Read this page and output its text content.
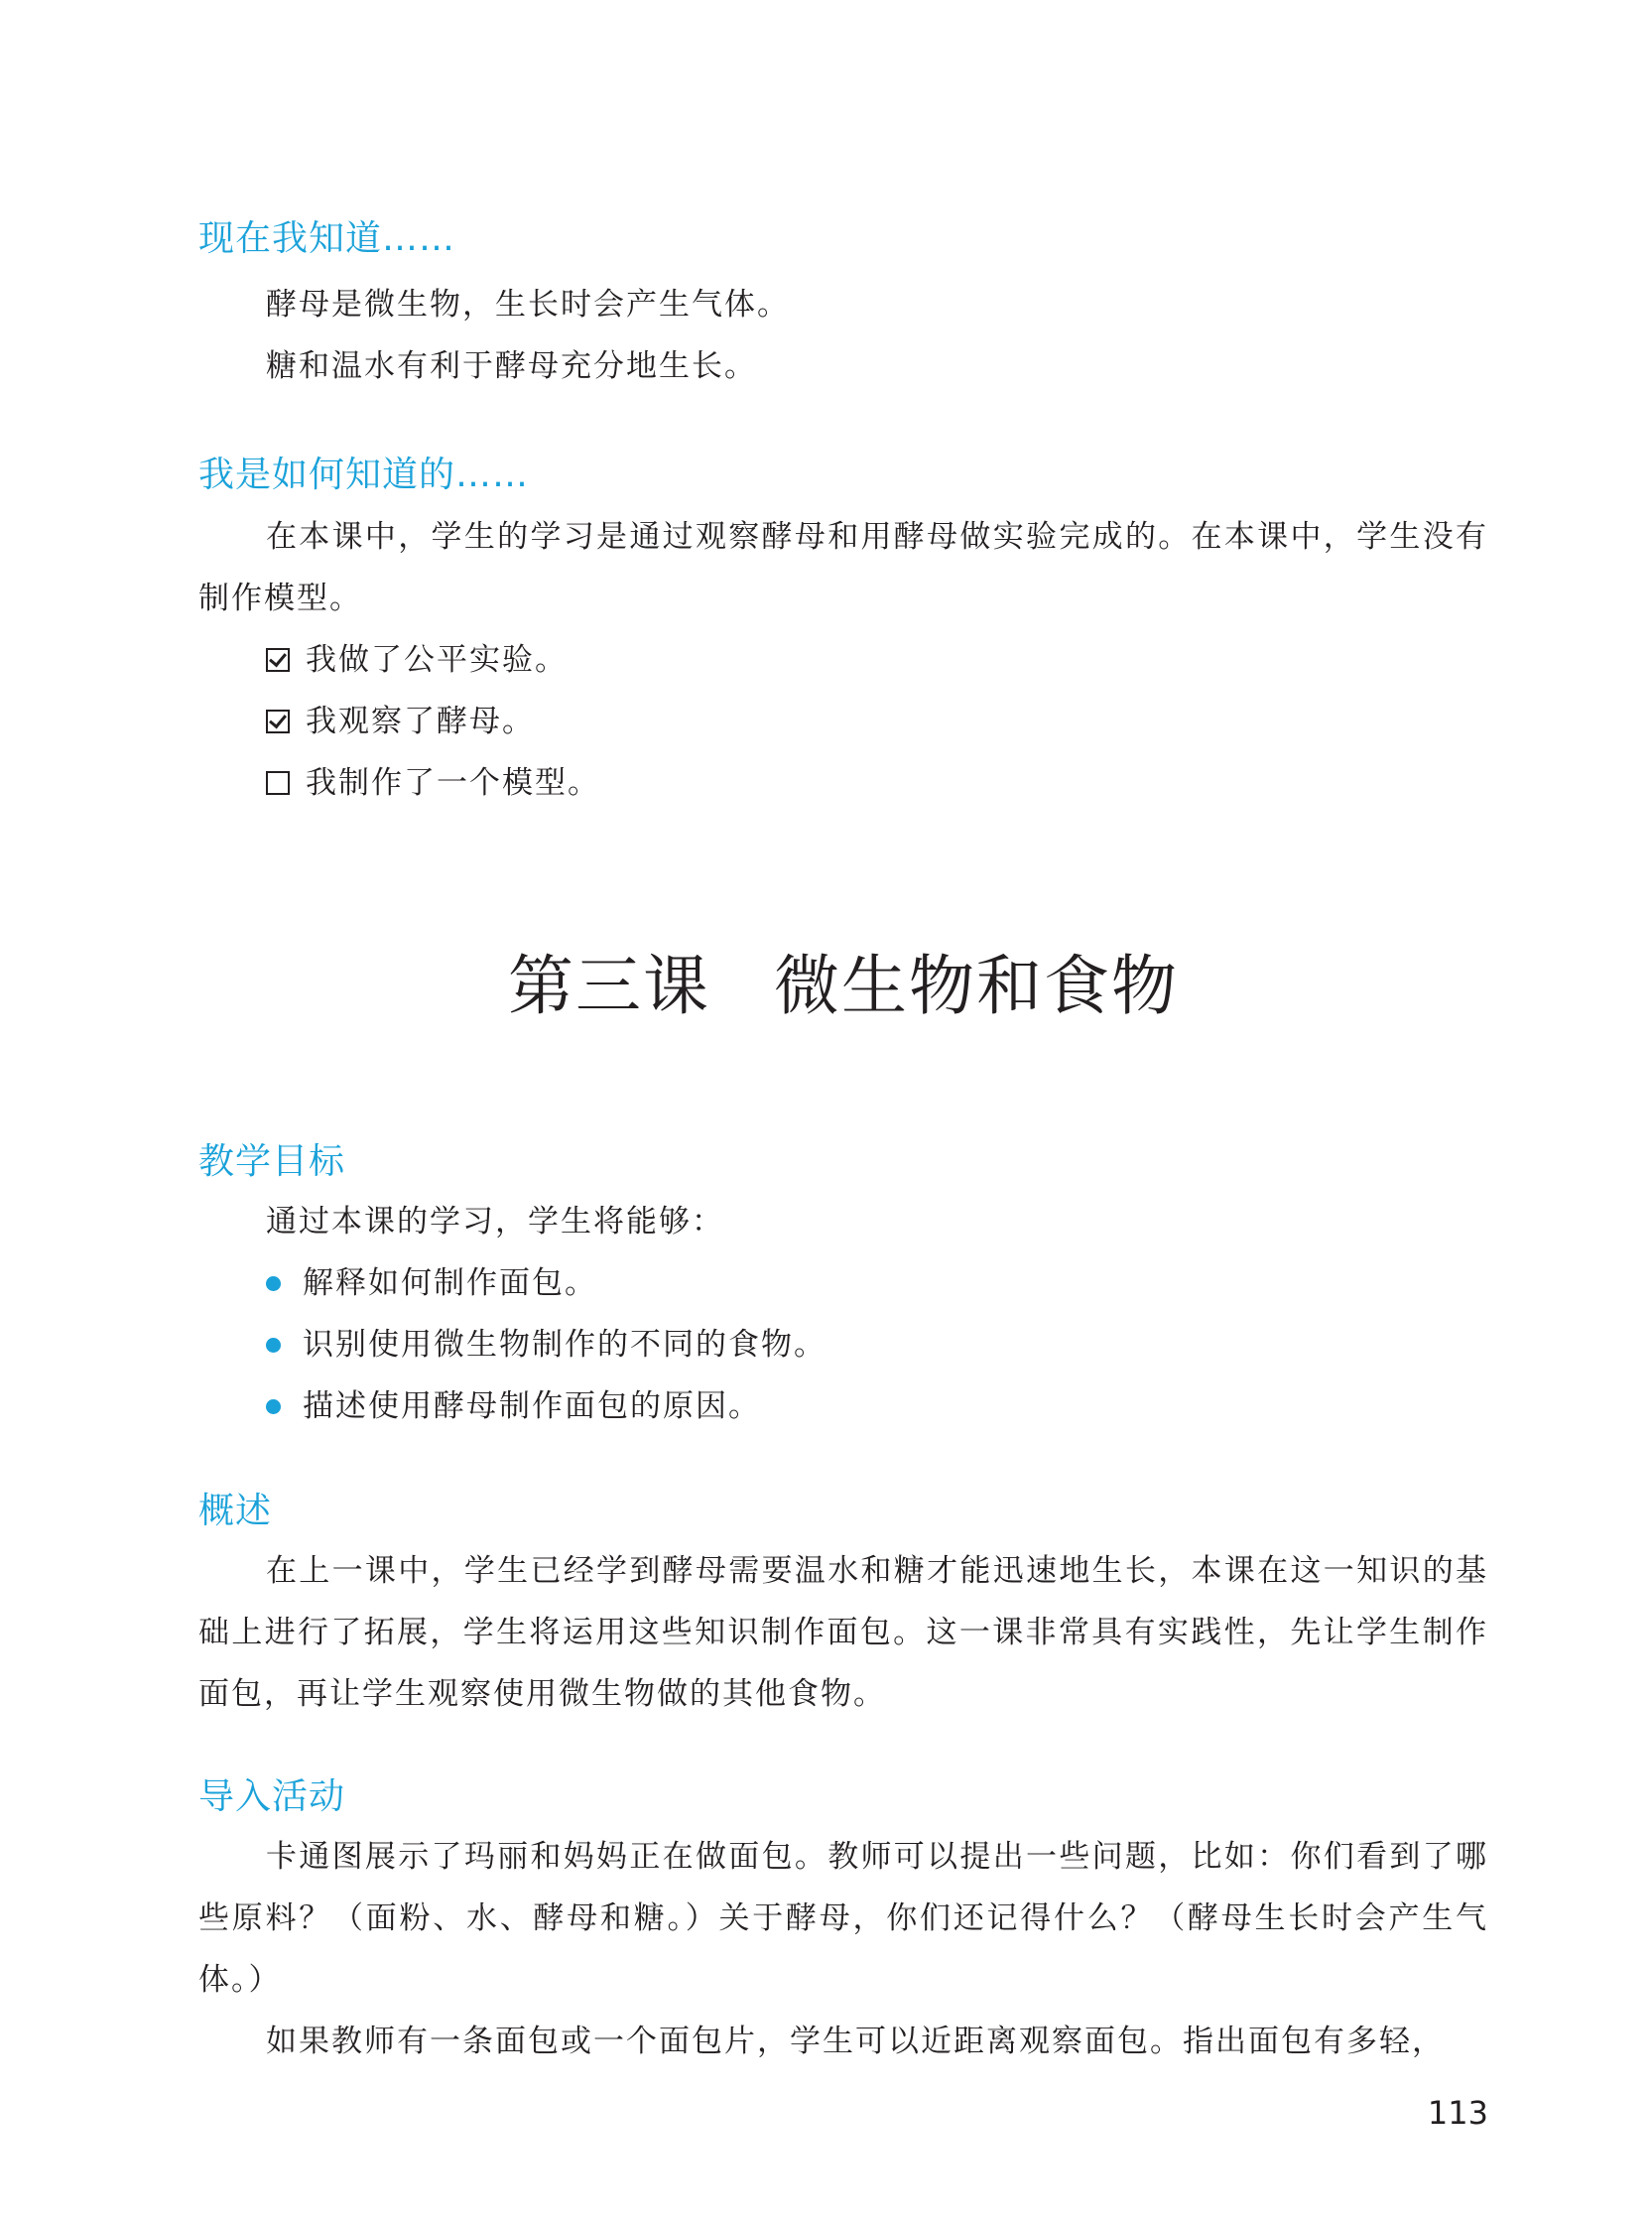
现在我知道……
酵母是微生物，生长时会产生气体。
糖和温水有利于酵母充分地生长。
我是如何知道的……
在本课中，学生的学习是通过观察酵母和用酵母做实验完成的。在本课中，学生没有制作模型。
我做了公平实验。
我观察了酵母。
我制作了一个模型。
第三课 微生物和食物
教学目标
通过本课的学习，学生将能够：
解释如何制作面包。
识别使用微生物制作的不同的食物。
描述使用酵母制作面包的原因。
概述
在上一课中，学生已经学到酵母需要温水和糖才能迅速地生长，本课在这一知识的基础上进行了拓展，学生将运用这些知识制作面包。这一课非常具有实践性，先让学生制作面包，再让学生观察使用微生物做的其他食物。
导入活动
卡通图展示了玛丽和妈妈正在做面包。教师可以提出一些问题，比如：你们看到了哪些原料？（面粉、水、酵母和糖。）关于酵母，你们还记得什么？（酵母生长时会产生气体。）
如果教师有一条面包或一个面包片，学生可以近距离观察面包。指出面包有多轻，
113
